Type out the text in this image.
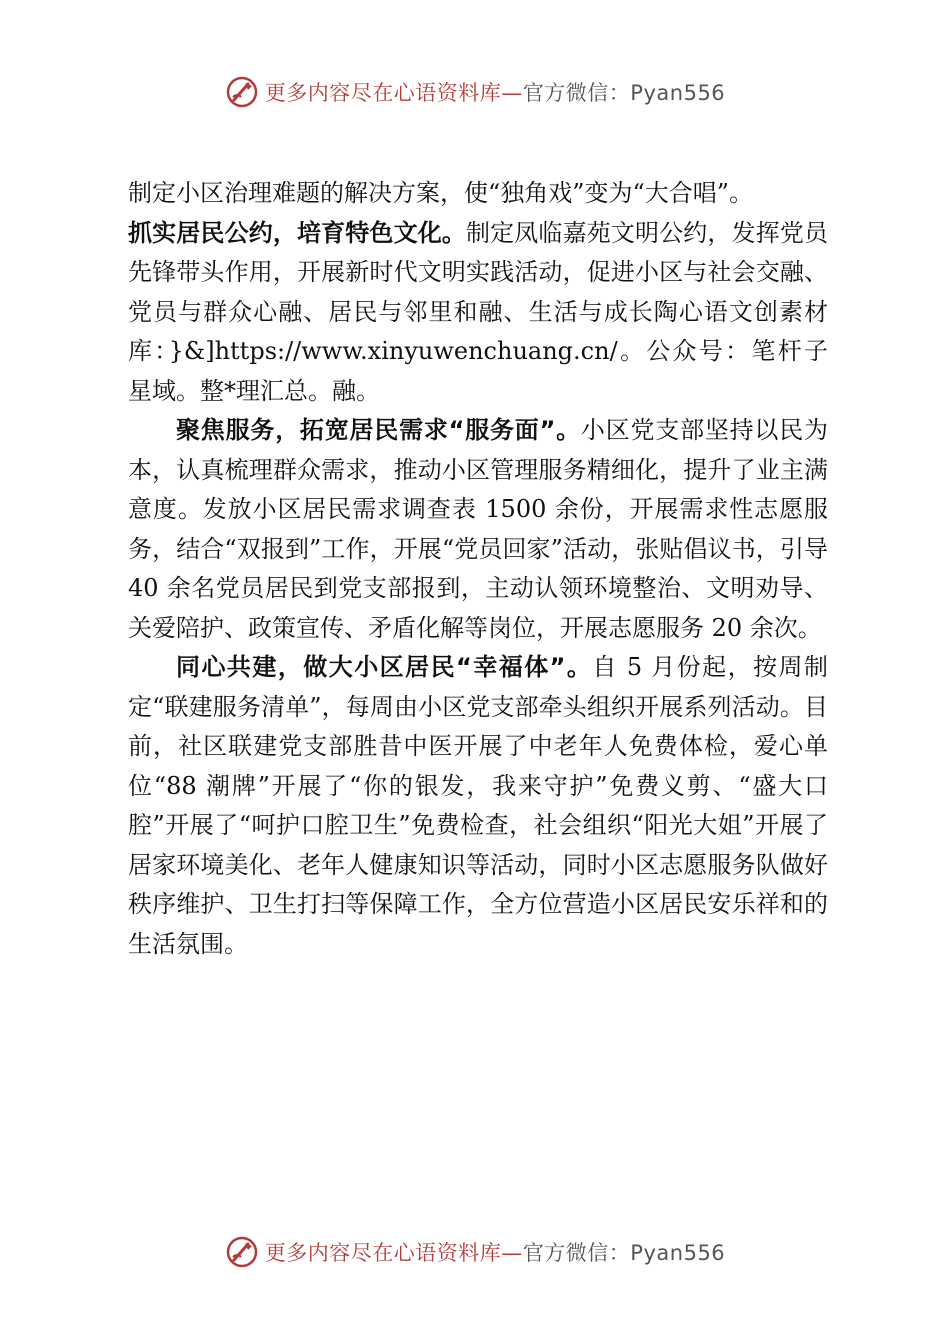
更多内容尽在心语资料库—官方微信：Pyan556

制定小区治理难题的解决方案，使“独角戏”变为“大合唱”。

抓实居民公约，培育特色文化。制定凤临嘉苑文明公约，发挥党员先锋带头作用，开展新时代文明实践活动，促进小区与社会交融、党员与群众心融、居民与邻里和融、生活与成长陶心语文创素材库：}&]https://www.xinyuwenchuang.cn/。公众号：笔杆子星域。整*理汇总。融。

聚焦服务，拓宽居民需求“服务面”。小区党支部坚持以民为本，认真梳理群众需求，推动小区管理服务精细化，提升了业主满意度。发放小区居民需求调查表 1500 余份，开展需求性志愿服务，结合“双报到”工作，开展“党员回家”活动，张贴倡议书，引导 40 余名党员居民到党支部报到，主动认领环境整治、文明劝导、关爱陪护、政策宣传、矛盾化解等岗位，开展志愿服务 20 余次。

同心共建，做大小区居民“幸福体”。自 5 月份起，按周制定“联建服务清单”，每周由小区党支部牵头组织开展系列活动。目前，社区联建党支部胜昔中医开展了中老年人免费体检，爱心单位“88 潮牌”开展了“你的银发，我来守护”免费义剪、“盛大口腔”开展了“呵护口腔卫生”免费检查，社会组织“阳光大姐”开展了居家环境美化、老年人健康知识等活动，同时小区志愿服务队做好秩序维护、卫生打扫等保障工作，全方位营造小区居民安乐祥和的生活氛围。

更多内容尽在心语资料库—官方微信：Pyan556
